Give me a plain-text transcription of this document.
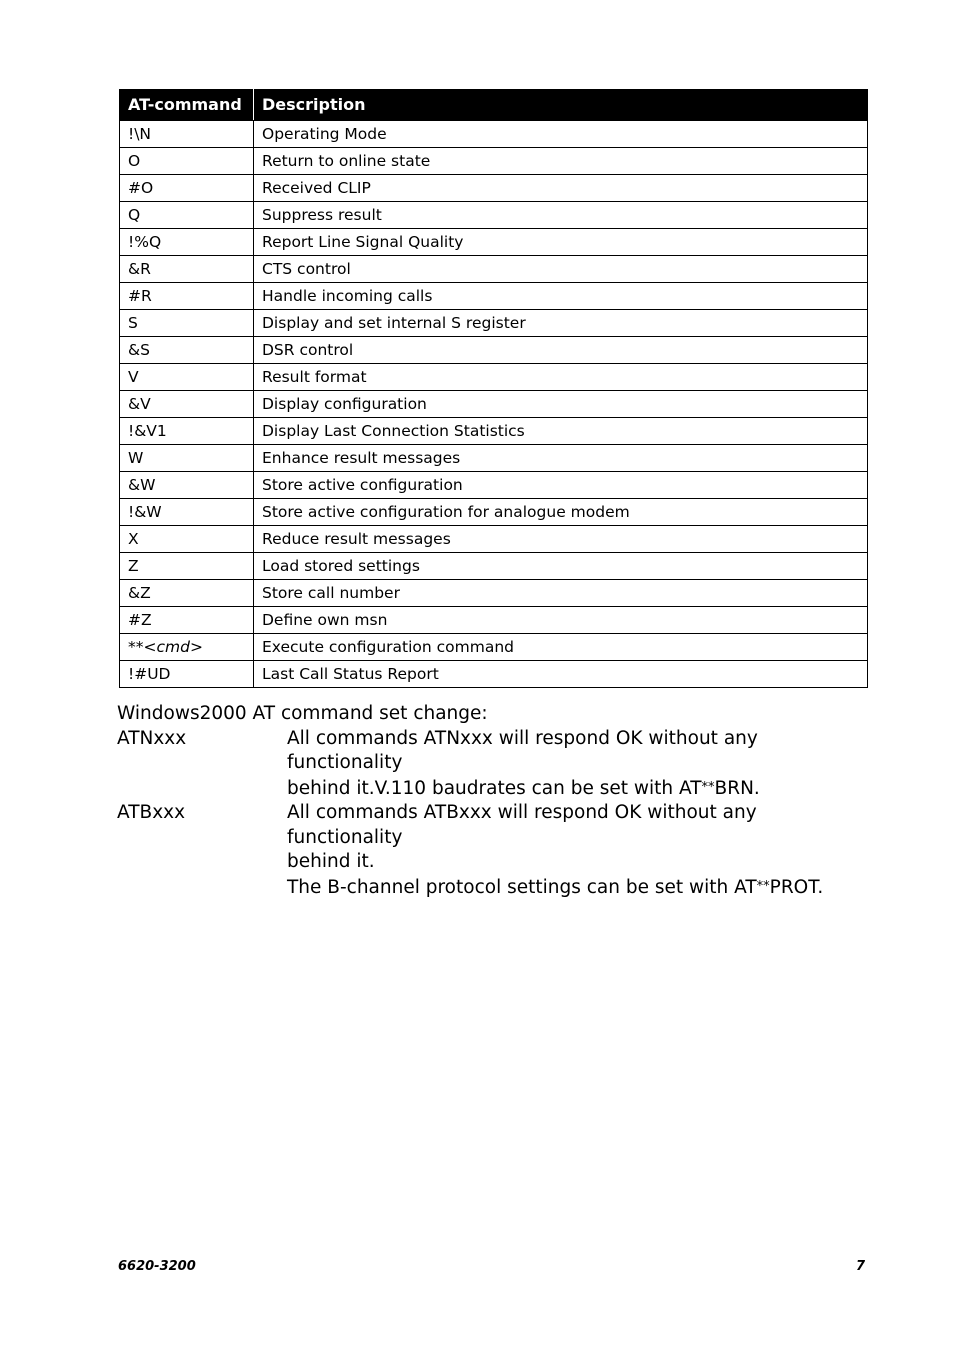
AT-command	Description
!\N	Operating Mode
O	Return to online state
#O	Received CLIP
Q	Suppress result
!%Q	Report Line Signal Quality
&R	CTS control
#R	Handle incoming calls
S	Display and set internal S register
&S	DSR control
V	Result format
&V	Display configuration
!&V1	Display Last Connection Statistics
W	Enhance result messages
&W	Store active configuration
!&W	Store active configuration for analogue modem
X	Reduce result messages
Z	Load stored settings
&Z	Store call number
#Z	Define own msn
**<cmd>	Execute configuration command
!#UD	Last Call Status Report

Windows2000 AT command set change:

ATNxxx	All commands ATNxxx will respond OK without any functionality
behind it.V.110 baudrates can be set with AT**BRN.
ATBxxx	All commands ATBxxx will respond OK without any functionality
behind it.
The B-channel protocol settings can be set with AT**PROT.
6620-3200	7
